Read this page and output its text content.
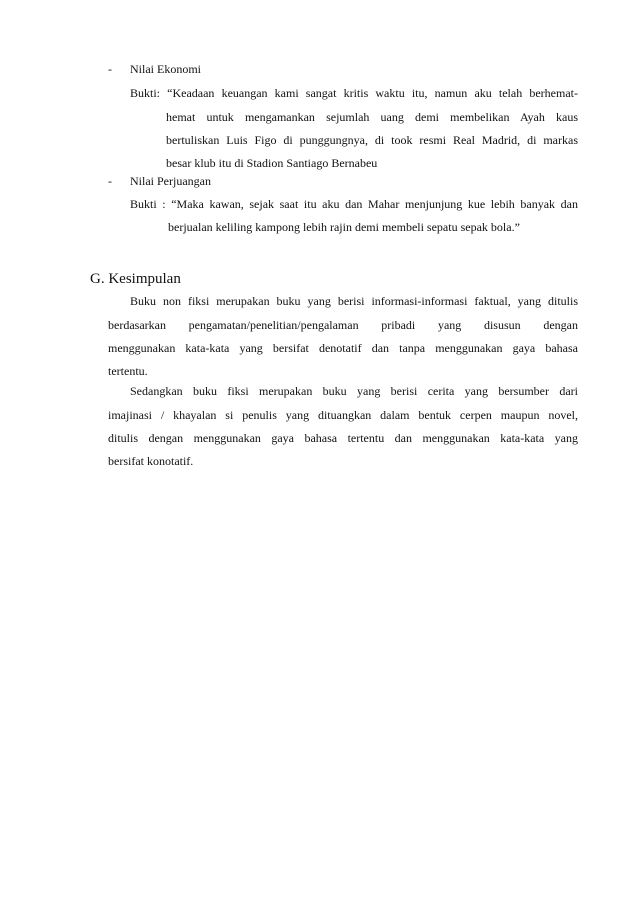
- Nilai Ekonomi
Bukti: “Keadaan keuangan kami sangat kritis waktu itu, namun aku telah berhemat-
hemat untuk mengamankan sejumlah uang demi membelikan Ayah kaus
bertuliskan Luis Figo di punggungnya, di took resmi Real Madrid, di markas
besar klub itu di Stadion Santiago Bernabeu
- Nilai Perjuangan
Bukti : “Maka kawan, sejak saat itu aku dan Mahar menjunjung kue lebih banyak dan
berjualan keliling kampong lebih rajin demi membeli sepatu sepak bola.”
G. Kesimpulan
Buku non fiksi merupakan buku yang berisi informasi-informasi faktual, yang ditulis
berdasarkan pengamatan/penelitian/pengalaman pribadi yang disusun dengan
menggunakan kata-kata yang bersifat denotatif dan tanpa menggunakan gaya bahasa
tertentu.
Sedangkan buku fiksi merupakan buku yang berisi cerita yang bersumber dari
imajinasi / khayalan si penulis yang dituangkan dalam bentuk cerpen maupun novel,
ditulis dengan menggunakan gaya bahasa tertentu dan menggunakan kata-kata yang
bersifat konotatif.
